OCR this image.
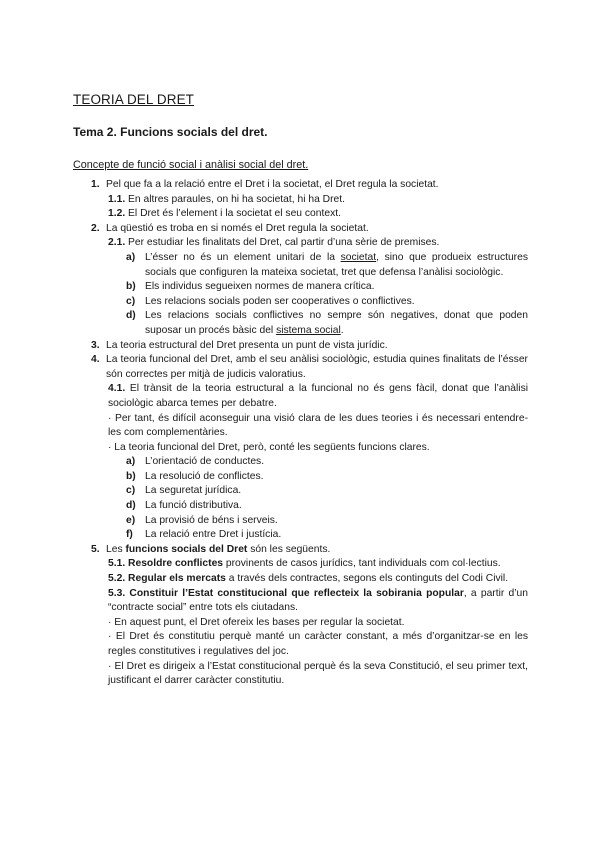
TEORIA DEL DRET
Tema 2. Funcions socials del dret.
Concepte de funció social i anàlisi social del dret.
1. Pel que fa a la relació entre el Dret i la societat, el Dret regula la societat.
1.1. En altres paraules, on hi ha societat, hi ha Dret.
1.2. El Dret és l’element i la societat el seu context.
2. La qüestió es troba en si només el Dret regula la societat.
2.1. Per estudiar les finalitats del Dret, cal partir d’una sèrie de premises.
a) L’ésser no és un element unitari de la societat, sino que produeix estructures socials que configuren la mateixa societat, tret que defensa l’anàlisi sociològic.
b) Els individus segueixen normes de manera crítica.
c) Les relacions socials poden ser cooperatives o conflictives.
d) Les relacions socials conflictives no sempre són negatives, donat que poden suposar un procés bàsic del sistema social.
3. La teoria estructural del Dret presenta un punt de vista jurídic.
4. La teoria funcional del Dret, amb el seu anàlisi sociològic, estudia quines finalitats de l’ésser són correctes per mitjà de judicis valoratius.
4.1. El trànsit de la teoria estructural a la funcional no és gens fàcil, donat que l’anàlisi sociològic abarca temes per debatre.
· Per tant, és difícil aconseguir una visió clara de les dues teories i és necessari entendre-les com complementàries.
· La teoria funcional del Dret, però, conté les següents funcions clares.
a) L’orientació de conductes.
b) La resolució de conflictes.
c) La seguretat jurídica.
d) La funció distributiva.
e) La provisió de béns i serveis.
f) La relació entre Dret i justícia.
5. Les funcions socials del Dret són les següents.
5.1. Resoldre conflictes provinents de casos jurídics, tant individuals com col·lectius.
5.2. Regular els mercats a través dels contractes, segons els continguts del Codi Civil.
5.3. Constituir l’Estat constitucional que reflecteix la sobirania popular, a partir d’un “contracte social” entre tots els ciutadans.
· En aquest punt, el Dret ofereix les bases per regular la societat.
· El Dret és constitutiu perquè manté un caràcter constant, a més d’organitzar-se en les regles constitutives i regulatives del joc.
· El Dret es dirigeix a l’Estat constitucional perquè és la seva Constitució, el seu primer text, justificant el darrer caràcter constitutiu.
